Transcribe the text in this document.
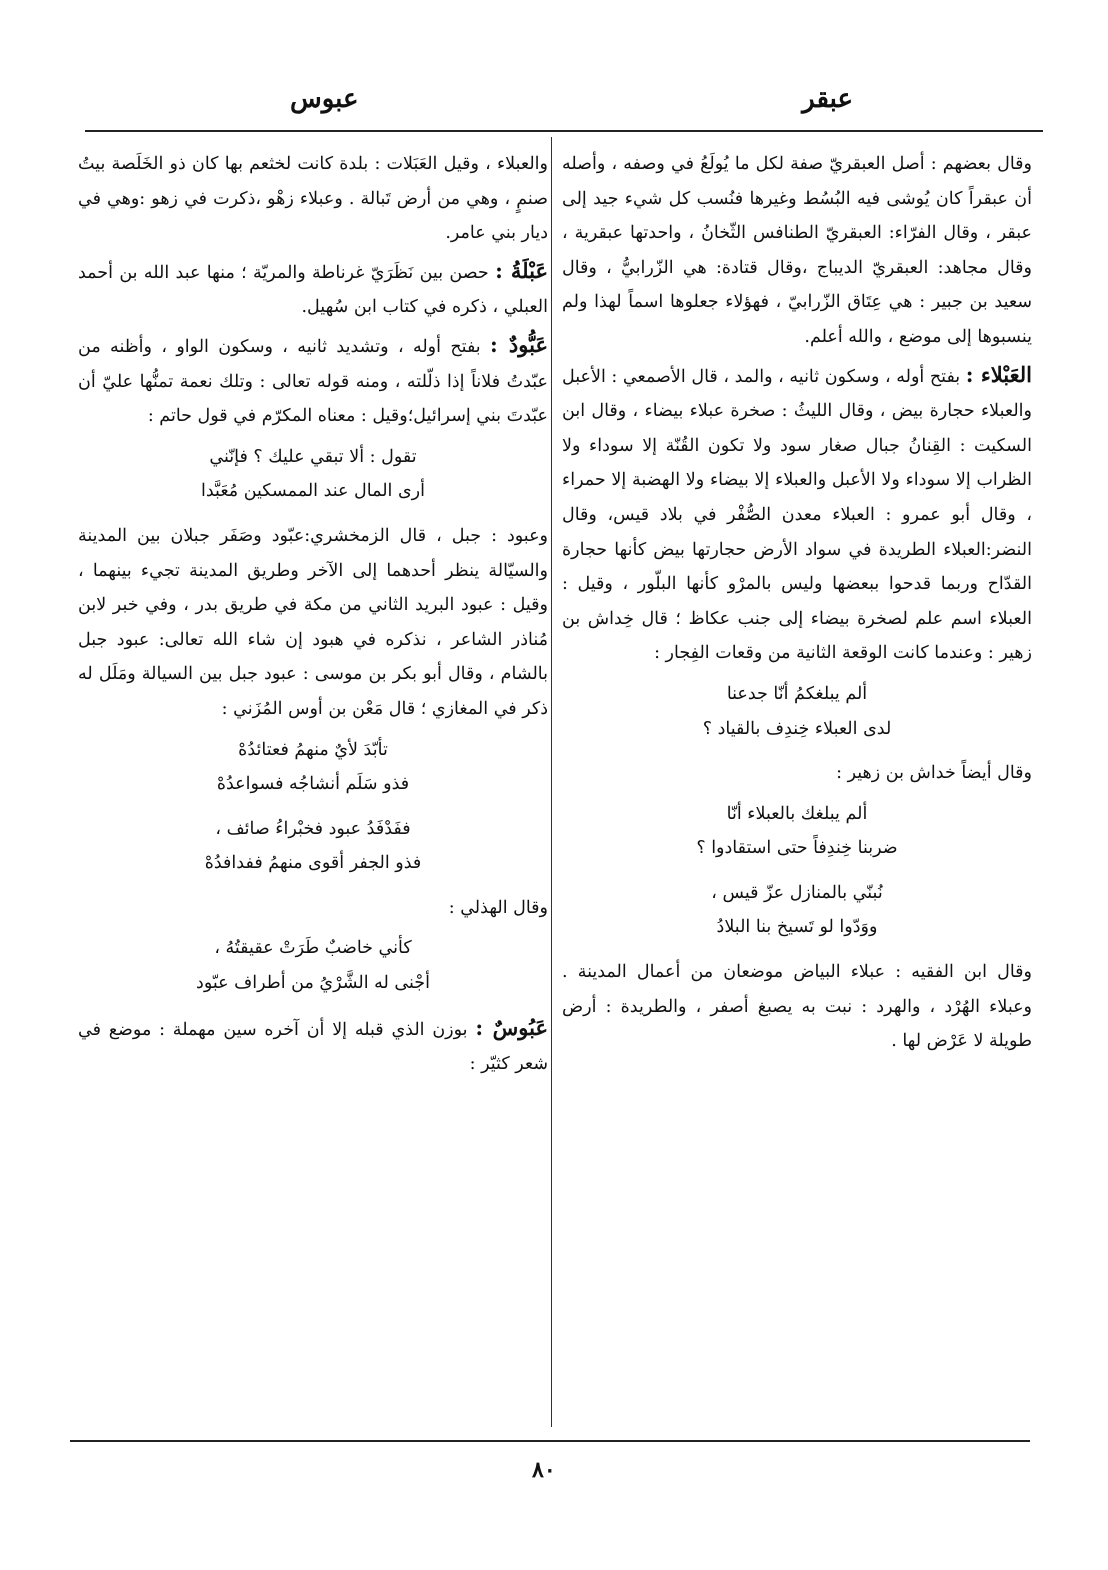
عبقر
عبوس

وقال بعضهم : أصل العبقريّ صفة لكل ما يُولَعُ في وصفه ، وأصله أن عبقراً كان يُوشى فيه البُسُط وغيرها فنُسب كل شيء جيد إلى عبقر ، وقال الفرّاء: العبقريّ الطنافس الثّخانُ ، واحدتها عبقرية ، وقال مجاهد: العبقريّ الديباج ،وقال قتادة: هي الزّرابيُّ ، وقال سعيد بن جبير : هي عِتَاق الزّرابيّ ، فهؤلاء جعلوها اسماً لهذا ولم ينسبوها إلى موضع ، والله أعلم.

العَبْلاء : بفتح أوله ، وسكون ثانيه ، والمد ، قال الأصمعي : الأعبل والعبلاء حجارة بيض ، وقال الليثُ : صخرة عبلاء بيضاء ، وقال ابن السكيت : القِنانُ جبال صغار سود ولا تكون القُنّة إلا سوداء ولا الظراب إلا سوداء ولا الأعبل والعبلاء إلا بيضاء ولا الهضبة إلا حمراء ، وقال أبو عمرو : العبلاء معدن الصُّفْر في بلاد قيس، وقال النضر:العبلاء الطريدة في سواد الأرض حجارتها بيض كأنها حجارة القدّاح وربما قدحوا ببعضها وليس بالمرْو كأنها البلّور ، وقيل : العبلاء اسم علم لصخرة بيضاء إلى جنب عكاظ ؛ قال خِداش بن زهير : وعندما كانت الوقعة الثانية من وقعات الفِجار :

ألم يبلغكمُ أنّا جدعنا
لدى العبلاء خِندِف بالقياد ؟

وقال أيضاً خداش بن زهير :

ألم يبلغك بالعبلاء أنّا
ضربنا خِندِفاً حتى استقادوا ؟
نُبنّي بالمنازل عزّ قيس ،
ووَدّوا لو تَسيخ بنا البلادُ

وقال ابن الفقيه : عبلاء البياض موضعان من أعمال المدينة . وعبلاء الهُرْد ، والهرد : نبت به يصبغ أصفر ، والطريدة : أرض طويلة لا عَرْض لها .

والعبلاء ، وقيل العَبَلات : بلدة كانت لخثعم بها كان ذو الخَلَصة بيتُ صنمٍ ، وهي من أرض تَبالة . وعبلاء زهْو ،ذكرت في زهو :وهي في ديار بني عامر.

عَبْلَةُ : حصن بين نَظَرَيّ غرناطة والمريّة ؛ منها عبد الله بن أحمد العبلي ، ذكره في كتاب ابن سُهيل.

عَبُّودٌ : بفتح أوله ، وتشديد ثانيه ، وسكون الواو ، وأظنه من عبّدتُ فلاناً إذا ذلّلته ، ومنه قوله تعالى : وتلك نعمة تمنُّها عليّ أن عبّدتَ بني إسرائيل؛وقيل : معناه المكرّم في قول حاتم :

تقول : ألا تبقي عليك ؟ فإنّني
أرى المال عند الممسكين مُعَبَّدا

وعبود : جبل ، قال الزمخشري:عبّود وصَفَر جبلان بين المدينة والسيّالة ينظر أحدهما إلى الآخر وطريق المدينة تجيء بينهما ، وقيل : عبود البريد الثاني من مكة في طريق بدر ، وفي خبر لابن مُناذر الشاعر ، نذكره في هبود إن شاء الله تعالى: عبود جبل بالشام ، وقال أبو بكر بن موسى : عبود جبل بين السيالة ومَلَل له ذكر في المغازي ؛ قال مَعْن بن أوس المُزَني :

تأبّدَ لأيٌ منهمُ فعتائدُهْ
فذو سَلَم أنشاجُه فسواعدُهْ
ففَدْفَدُ عبود فخبْراءُ صائف ،
فذو الجفر أقوى منهمُ ففدافدُهْ

وقال الهذلي :

كأني خاضبٌ طَرَتْ عقيقتُهُ ،
أجْنى له الشَّرْيُ من أطراف عبّود

عَبُوسٌ : بوزن الذي قبله إلا أن آخره سين مهملة : موضع في شعر كثيّر :

٨٠
